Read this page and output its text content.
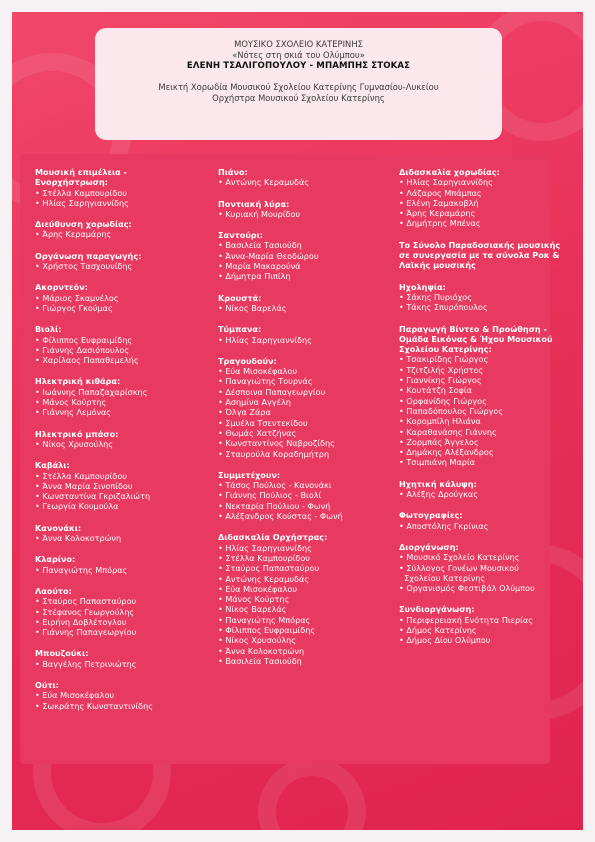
ΜΟΥΣΙΚΟ ΣΧΟΛΕΙΟ ΚΑΤΕΡΙΝΗΣ
«Νότες στη σκιά του Ολύμπου»
ΕΛΕΝΗ ΤΣΑΛΙΓΟΠΟΥΛΟΥ - ΜΠΑΜΠΗΣ ΣΤΟΚΑΣ
Μεικτή Χορωδία Μουσικού Σχολείου Κατερίνης Γυμνασίου-Λυκείου
Ορχήστρα Μουσικού Σχολείου Κατερίνης
Μουσική επιμέλεια - Ενορχήστρωση:
• Στέλλα Καμπουρίδου
• Ηλίας Σαρηγιαννίδης
Διεύθυνση χορωδίας:
• Άρης Κεραμάρης
Οργάνωση παραγωγής:
• Χρήστος Τασχουνίδης
Ακορντεόν:
• Μάριος Σκαμνέλος
• Γιώργος Γκούμας
Βιολί:
• Φίλιππος Ευφραιμίδης
• Γιάννης Δασιόπουλος
• Χαρίλαος Παπαθεμελής
Ηλεκτρική κιθάρα:
• Ιωάννης Παπαζαχαρίσκης
• Μάνος Κούρτης
• Γιάννης Λεμόνας
Ηλεκτρικό μπάσο:
• Νίκος Χρυσούλης
Καβάλι:
• Στέλλα Καμπουρίδου
• Άννα Μαρία Σινοπίδου
• Κωνσταντίνα Γκριζαλιώτη
• Γεωργία Κουμούλα
Κανονάκι:
• Άννα Κολοκοτρώνη
Κλαρίνο:
• Παναγιώτης Μπόρας
Λαούτο:
• Σταύρος Παπασταύρου
• Στέφανος Γεωργούλης
• Ειρήνη Δοβλέτογλου
• Γιάννης Παπαγεωργίου
Μπουζούκι:
• Βαγγέλης Πετρινιώτης
Ούτι:
• Εύα Μισοκέφαλου
• Σωκράτης Κωνσταντινίδης
Πιάνο:
• Αντώνης Κεραμυδάς
Ποντιακή λύρα:
• Κυριακή Μουρίδου
Σαντούρι:
• Βασιλεία Τασιούδη
• Άννα-Μαρία Θεοδώρου
• Μαρία Μακαρούνά
• Δήμητρα Πιπίλη
Κρουστά:
• Νίκος Βαρελάς
Τύμπανα:
• Ηλίας Σαρηγιαννίδης
Τραγουδούν:
• Εύα Μισοκέφαλου
• Παναγιώτης Τουρνάς
• Δέσποινα Παπαγεωργίου
• Ασημίνα Αγγέλη
• Όλγα Ζάρα
• Σμυέλα Τσεντεκίδου
• Θωμάς Χατζήνας
• Κωνσταντίνος Ναβροζίδης
• Σταυρούλα Κοραδημήτρη
Συμμετέχουν:
• Τάσος Πούλιος - Κανονάκι
• Γιάννης Πούλιος - Βιολί
• Νεκταρία Πούλιου - Φωνή
• Αλέξανδρος Κούστας - Φωνή
Διδασκαλία Ορχήστρας:
• Ηλίας Σαρηγιαννίδης
• Στέλλα Καμπουρίδου
• Σταύρος Παπασταύρου
• Αντώνης Κεραμυδάς
• Εύα Μισοκέφαλου
• Μάνος Κούρτης
• Νίκος Βαρελάς
• Παναγιώτης Μπόρας
• Φίλιππος Ευφραιμίδης
• Νίκος Χρυσούλης
• Άννα Κολοκοτρώνη
• Βασιλεία Τασιούδη
Διδασκαλία χορωδίας:
• Ηλίας Σαρηγιαννίδης
• Λάζαρος Μπάμπας
• Ελένη Σαμακοβλή
• Άρης Κεραμάρης
• Δημήτρης Μπένας
Το Σύνολο Παραδοσιακής μουσικής σε συνεργασία με τα σύνολα Ροκ & Λαϊκής μουσικής
Ηχοληψία:
• Σάκης Πυριόχος
• Τάκης Σπυρόπουλος
Παραγωγή Βίντεο & Προώθηση - Ομάδα Εικόνας & Ήχου Μουσικού Σχολείου Κατερίνης:
• Τσακιρίδης Γιώργος
• Τζιτζιλής Χρήστος
• Γιαννίκης Γιώργος
• Κουτάτζη Σοφία
• Ορφανίδης Γιώργος
• Παπαδόπουλος Γιώργος
• Κορομπίλη Ηλιάνα
• Καραθανάσης Γιάννης
• Ζορμπάς Άγγελος
• Δημάκης Αλέξανδρος
• Τσιμπιάνη Μαρία
Ηχητική κάλυψη:
• Αλέξης Δρούγκας
Φωτογραφίες:
• Αποστόλης Γκρίνιας
Διοργάνωση:
• Μουσικό Σχολείο Κατερίνης
• Σύλλογος Γονέων Μουσικού
Σχολείου Κατερίνης
• Οργανισμός Φεστιβάλ Ολύμπου
Συνδιοργάνωση:
• Περιφερειακή Ενότητα Πιερίας
• Δήμος Κατερίνης
• Δήμος Δίου Ολύμπου
